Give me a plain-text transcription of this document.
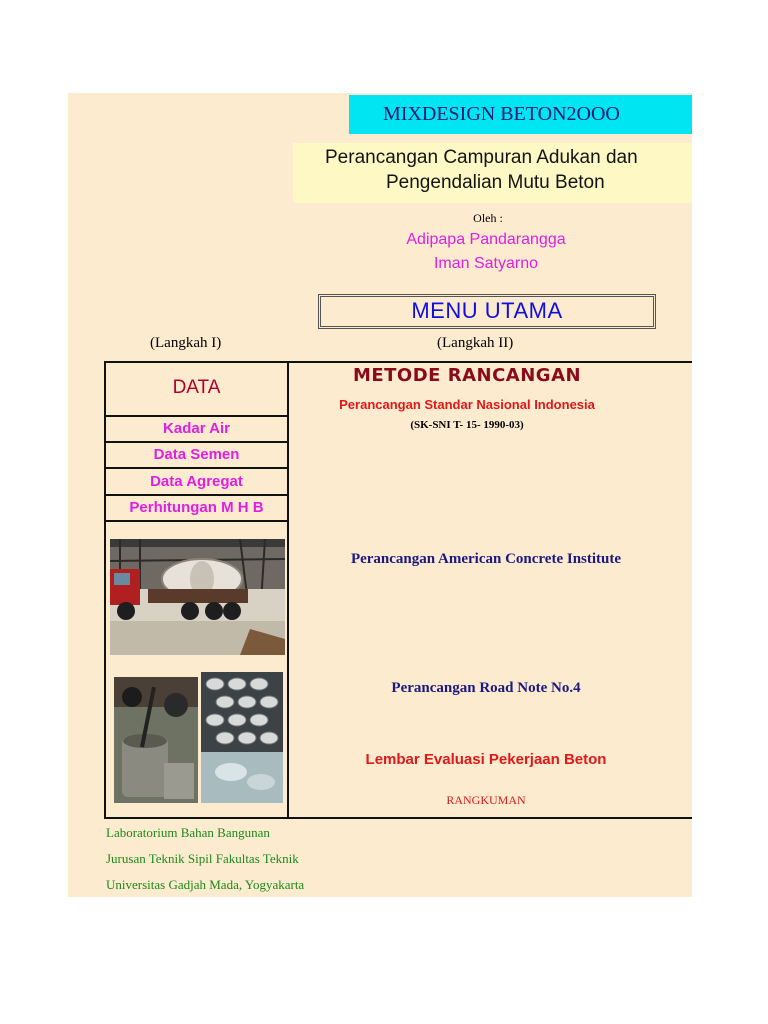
MIXDESIGN BETON2OOO
Perancangan Campuran Adukan dan
Pengendalian Mutu Beton
Oleh :
Adipapa Pandarangga
Iman Satyarno
MENU UTAMA
(Langkah I)	(Langkah II)
DATA
Kadar Air
Data Semen
Data Agregat
Perhitungan M H B
METODE RANCANGAN
Perancangan Standar Nasional Indonesia
(SK-SNI T- 15- 1990-03)
Perancangan American Concrete Institute
Perancangan Road Note No.4
Lembar Evaluasi Pekerjaan Beton
RANGKUMAN
Laboratorium Bahan Bangunan
Jurusan Teknik Sipil Fakultas Teknik
Universitas Gadjah Mada, Yogyakarta
